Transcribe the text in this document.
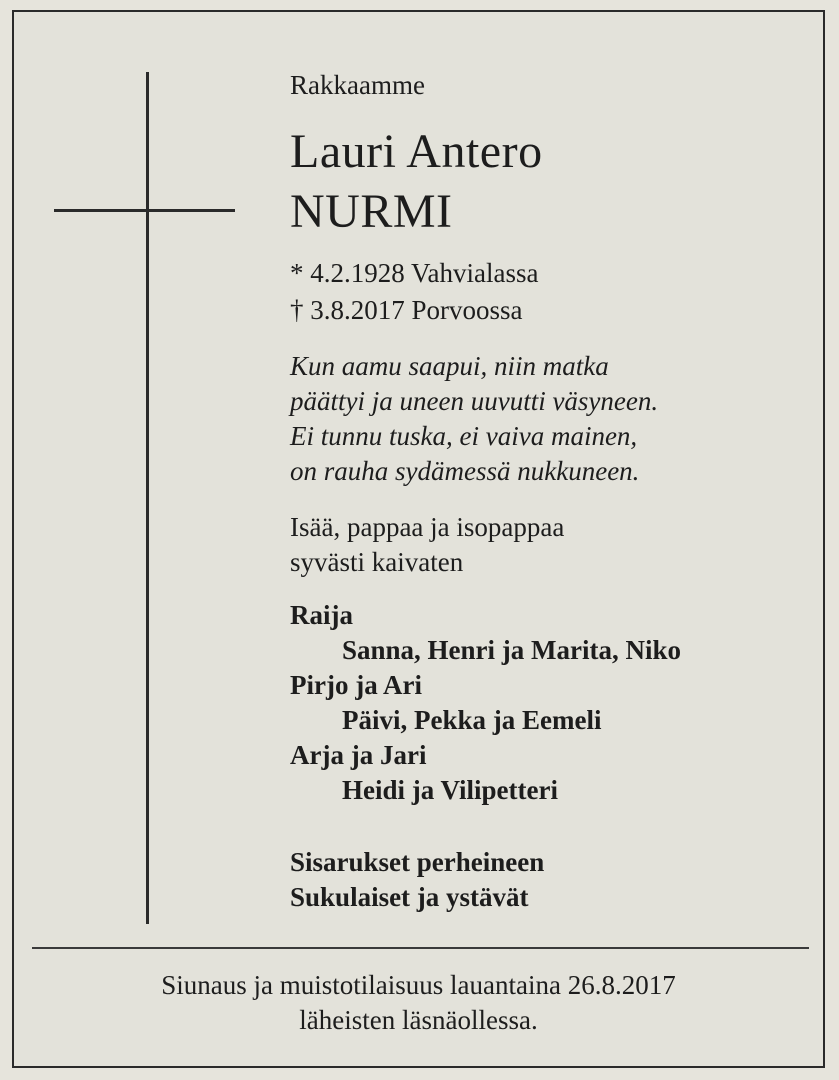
Rakkaamme
Lauri Antero
NURMI
* 4.2.1928 Vahvialassa
† 3.8.2017 Porvoossa
Kun aamu saapui, niin matka
päättyi ja uneen uuvutti väsyneen.
Ei tunnu tuska, ei vaiva mainen,
on rauha sydämessä nukkuneen.
Isää, pappaa ja isopappaa
syvästi kaivaten
Raija
Sanna, Henri ja Marita, Niko
Pirjo ja Ari
Päivi, Pekka ja Eemeli
Arja ja Jari
Heidi ja Vilipetteri
Sisarukset perheineen
Sukulaiset ja ystävät
Siunaus ja muistotilaisuus lauantaina 26.8.2017
läheisten läsnäollessa.
